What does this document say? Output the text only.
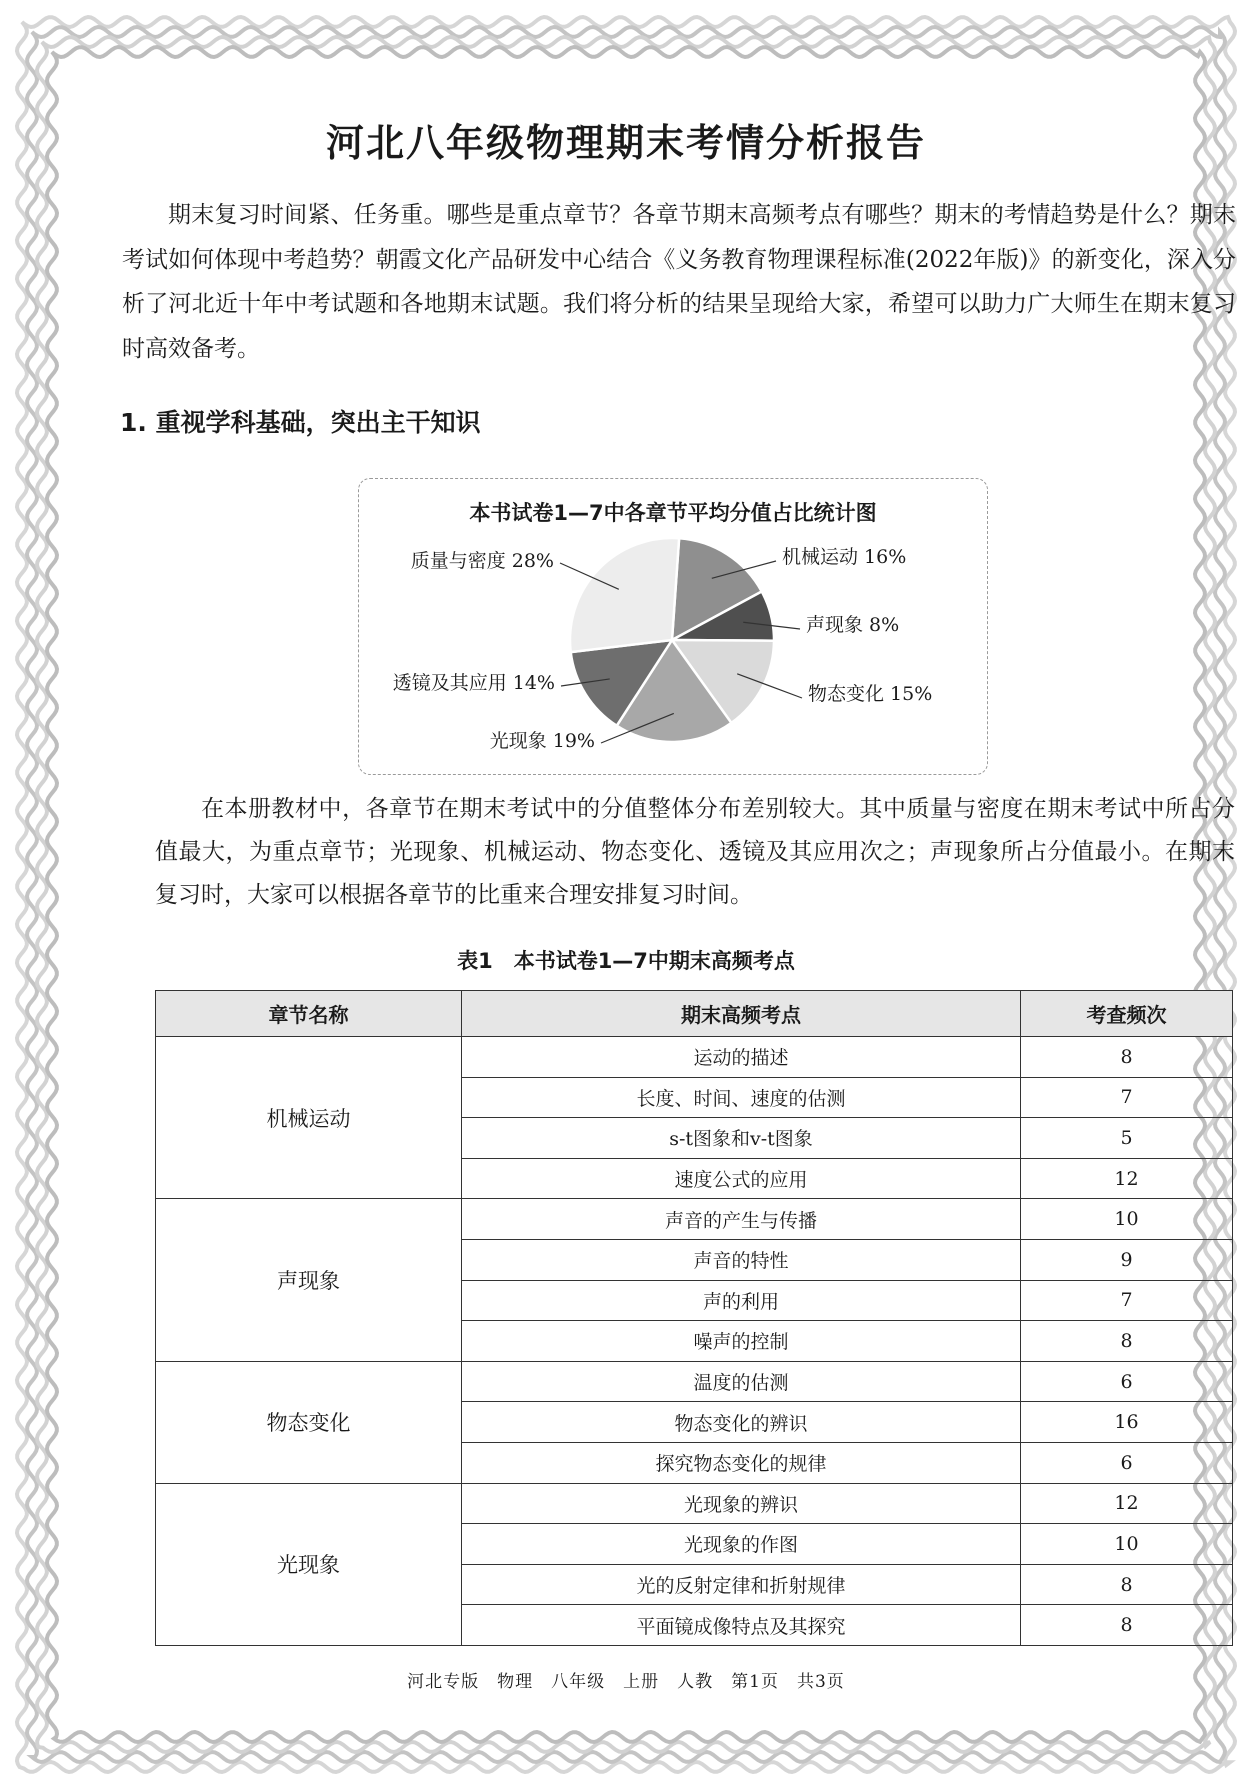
河北八年级物理期末考情分析报告
期末复习时间紧、任务重。哪些是重点章节？各章节期末高频考点有哪些？期末的考情趋势是什么？期末考试如何体现中考趋势？朝霞文化产品研发中心结合《义务教育物理课程标准(2022年版)》的新变化，深入分析了河北近十年中考试题和各地期末试题。我们将分析的结果呈现给大家，希望可以助力广大师生在期末复习时高效备考。
1. 重视学科基础，突出主干知识
本书试卷1—7中各章节平均分值占比统计图
机械运动 16%
声现象 8%
物态变化 15%
光现象 19%
透镜及其应用 14%
质量与密度 28%
在本册教材中，各章节在期末考试中的分值整体分布差别较大。其中质量与密度在期末考试中所占分值最大，为重点章节；光现象、机械运动、物态变化、透镜及其应用次之；声现象所占分值最小。在期末复习时，大家可以根据各章节的比重来合理安排复习时间。
表1　本书试卷1—7中期末高频考点
章节名称	期末高频考点	考查频次
机械运动	运动的描述	8
	长度、时间、速度的估测	7
	s-t图象和v-t图象	5
	速度公式的应用	12
声现象	声音的产生与传播	10
	声音的特性	9
	声的利用	7
	噪声的控制	8
物态变化	温度的估测	6
	物态变化的辨识	16
	探究物态变化的规律	6
光现象	光现象的辨识	12
	光现象的作图	10
	光的反射定律和折射规律	8
	平面镜成像特点及其探究	8
河北专版　物理　八年级　上册　人教　第1页　共3页
